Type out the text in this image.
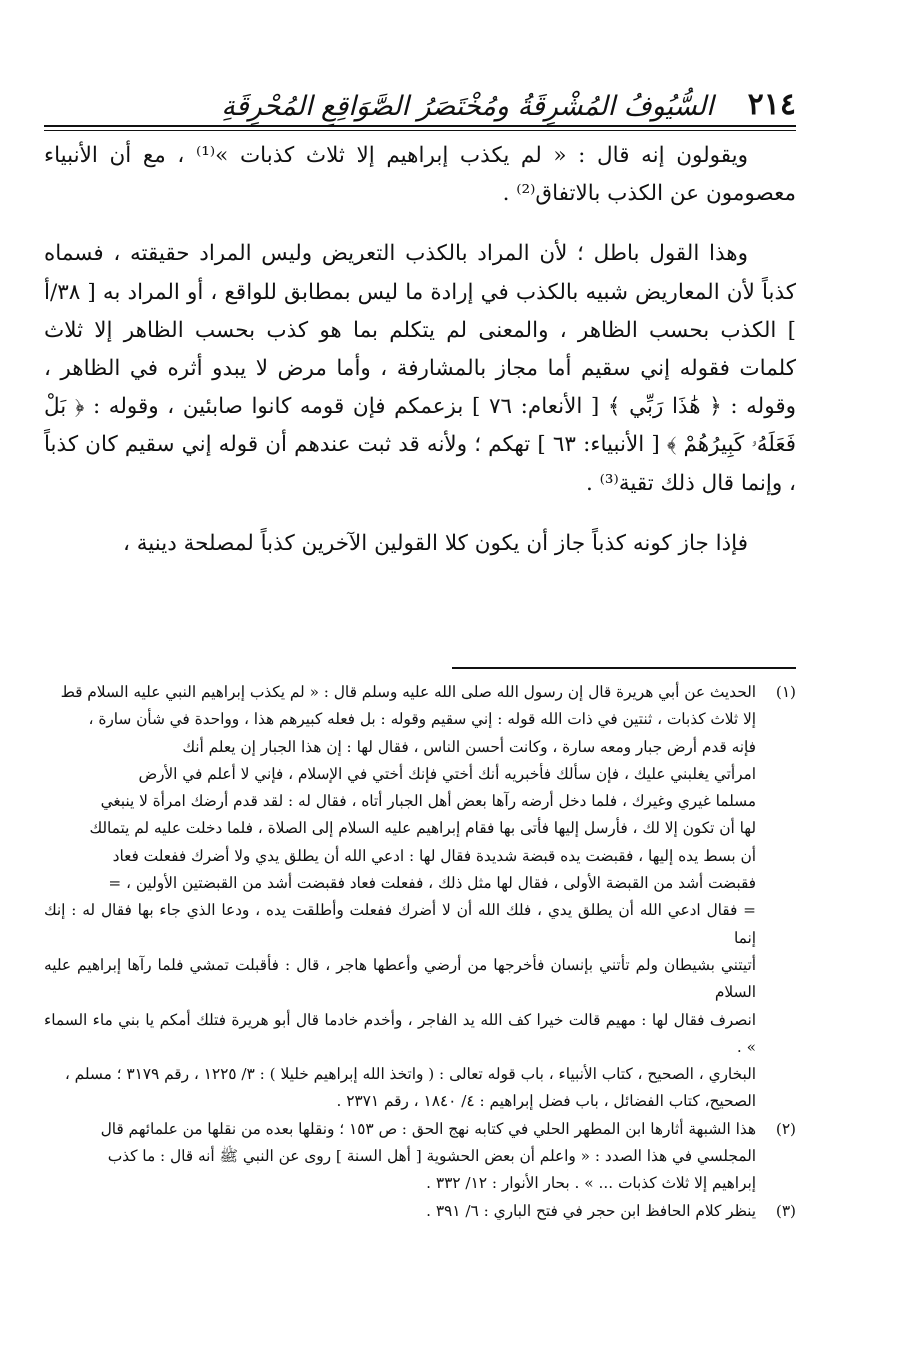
٢١٤
السُّيُوفُ المُشْرِقَةُ ومُخْتَصَرُ الصَّوَاقِعِ المُحْرِقَةِ

ويقولون إنه قال : « لم يكذب إبراهيم إلا ثلاث كذبات »⁽¹⁾ ، مع أن الأنبياء معصومون عن الكذب بالاتفاق⁽²⁾ .

وهذا القول باطل ؛ لأن المراد بالكذب التعريض وليس المراد حقيقته ، فسماه كذباً لأن المعاريض شبيه بالكذب في إرادة ما ليس بمطابق للواقع ، أو المراد به [ ٣٨/أ ] الكذب بحسب الظاهر ، والمعنى لم يتكلم بما هو كذب بحسب الظاهر إلا ثلاث كلمات فقوله إني سقيم أما مجاز بالمشارفة ، وأما مرض لا يبدو أثره في الظاهر ، وقوله : ﴿ هَٰذَا رَبِّي ﴾ [ الأنعام: ٧٦ ] بزعمكم فإن قومه كانوا صابئين ، وقوله : ﴿ بَلْ فَعَلَهُۥ كَبِيرُهُمْ ﴾ [ الأنبياء: ٦٣ ] تهكم ؛ ولأنه قد ثبت عندهم أن قوله إني سقيم كان كذباً ، وإنما قال ذلك تقية⁽³⁾ .

فإذا جاز كونه كذباً جاز أن يكون كلا القولين الآخرين كذباً لمصلحة دينية ،

(١)
الحديث عن أبي هريرة قال إن رسول الله صلى الله عليه وسلم قال : « لم يكذب إبراهيم النبي عليه السلام قط
إلا ثلاث كذبات ، ثنتين في ذات الله قوله : إني سقيم وقوله : بل فعله كبيرهم هذا ، وواحدة في شأن سارة ،
فإنه قدم أرض جبار ومعه سارة ، وكانت أحسن الناس ، فقال لها : إن هذا الجبار إن يعلم أنك
امرأتي يغلبني عليك ، فإن سألك فأخبريه أنك أختي فإنك أختي في الإسلام ، فإني لا أعلم في الأرض
مسلما غيري وغيرك ، فلما دخل أرضه رآها بعض أهل الجبار أتاه ، فقال له : لقد قدم أرضك امرأة لا ينبغي
لها أن تكون إلا لك ، فأرسل إليها فأتى بها فقام إبراهيم عليه السلام إلى الصلاة ، فلما دخلت عليه لم يتمالك
أن بسط يده إليها ، فقبضت يده قبضة شديدة فقال لها : ادعي الله أن يطلق يدي ولا أضرك ففعلت فعاد
فقبضت أشد من القبضة الأولى ، فقال لها مثل ذلك ، ففعلت فعاد فقبضت أشد من القبضتين الأولين ، =
= فقال ادعي الله أن يطلق يدي ، فلك الله أن لا أضرك ففعلت وأطلقت يده ، ودعا الذي جاء بها فقال له : إنك إنما
أتيتني بشيطان ولم تأتني بإنسان فأخرجها من أرضي وأعطها هاجر ، قال : فأقبلت تمشي فلما رآها إبراهيم عليه السلام
انصرف فقال لها : مهيم قالت خيرا كف الله يد الفاجر ، وأخدم خادما قال أبو هريرة فتلك أمكم يا بني ماء السماء » .
البخاري ، الصحيح ، كتاب الأنبياء ، باب قوله تعالى : ( واتخذ الله إبراهيم خليلا ) : ٣/ ١٢٢٥ ، رقم ٣١٧٩ ؛ مسلم ،
الصحيح، كتاب الفضائل ، باب فضل إبراهيم : ٤/ ١٨٤٠ ، رقم ٢٣٧١ .
(٢)
هذا الشبهة أثارها ابن المطهر الحلي في كتابه نهج الحق : ص ١٥٣ ؛ ونقلها بعده من نقلها من علمائهم قال
المجلسي في هذا الصدد : « واعلم أن بعض الحشوية [ أهل السنة ] روى عن النبي ﷺ أنه قال : ما كذب
إبراهيم إلا ثلاث كذبات ... » . بحار الأنوار : ١٢/ ٣٣٢ .
(٣)
ينظر كلام الحافظ ابن حجر في فتح الباري : ٦/ ٣٩١ .
